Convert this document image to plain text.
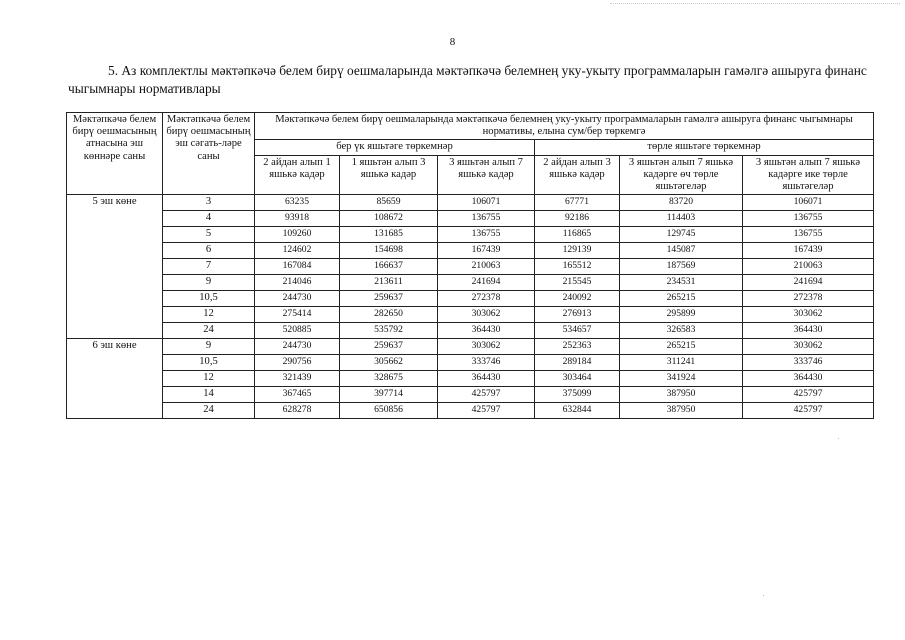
8
5. Аз комплектлы мәктәпкәчә белем бирү оешмаларында мәктәпкәчә белемнең уку-укыту программаларын гамәлгә ашыруга финанс чыгымнары нормативлары
Мәктәпкәчә белем бирү оешмасының атнасына эш көннәре саны	Мәктәпкәчә белем бирү оешмасының эш сәгать-ләре саны	Мәктәпкәчә белем бирү оешмаларында мәктәпкәчә белемнең уку-укыту программаларын гамәлгә ашыруга финанс чыгымнары нормативы, елына сум/бер төркемгә					
		бер үк яшьтәге төркемнәр			төрле яшьтәге төркемнәр		
		2 айдан алып 1 яшькә кадәр	1 яшьтән алып 3 яшькә кадәр	3 яшьтән алып 7 яшькә кадәр	2 айдан алып 3 яшькә кадәр	3 яшьтән алып 7 яшькә кадәрге өч төрле яшьтәгеләр	3 яшьтән алып 7 яшькә кадәрге ике төрле яшьтәгеләр
5 эш көне	3	63235	85659	106071	67771	83720	106071
	4	93918	108672	136755	92186	114403	136755
	5	109260	131685	136755	116865	129745	136755
	6	124602	154698	167439	129139	145087	167439
	7	167084	166637	210063	165512	187569	210063
	9	214046	213611	241694	215545	234531	241694
	10,5	244730	259637	272378	240092	265215	272378
	12	275414	282650	303062	276913	295899	303062
	24	520885	535792	364430	534657	326583	364430
6 эш көне	9	244730	259637	303062	252363	265215	303062
	10,5	290756	305662	333746	289184	311241	333746
	12	321439	328675	364430	303464	341924	364430
	14	367465	397714	425797	375099	387950	425797
	24	628278	650856	425797	632844	387950	425797
